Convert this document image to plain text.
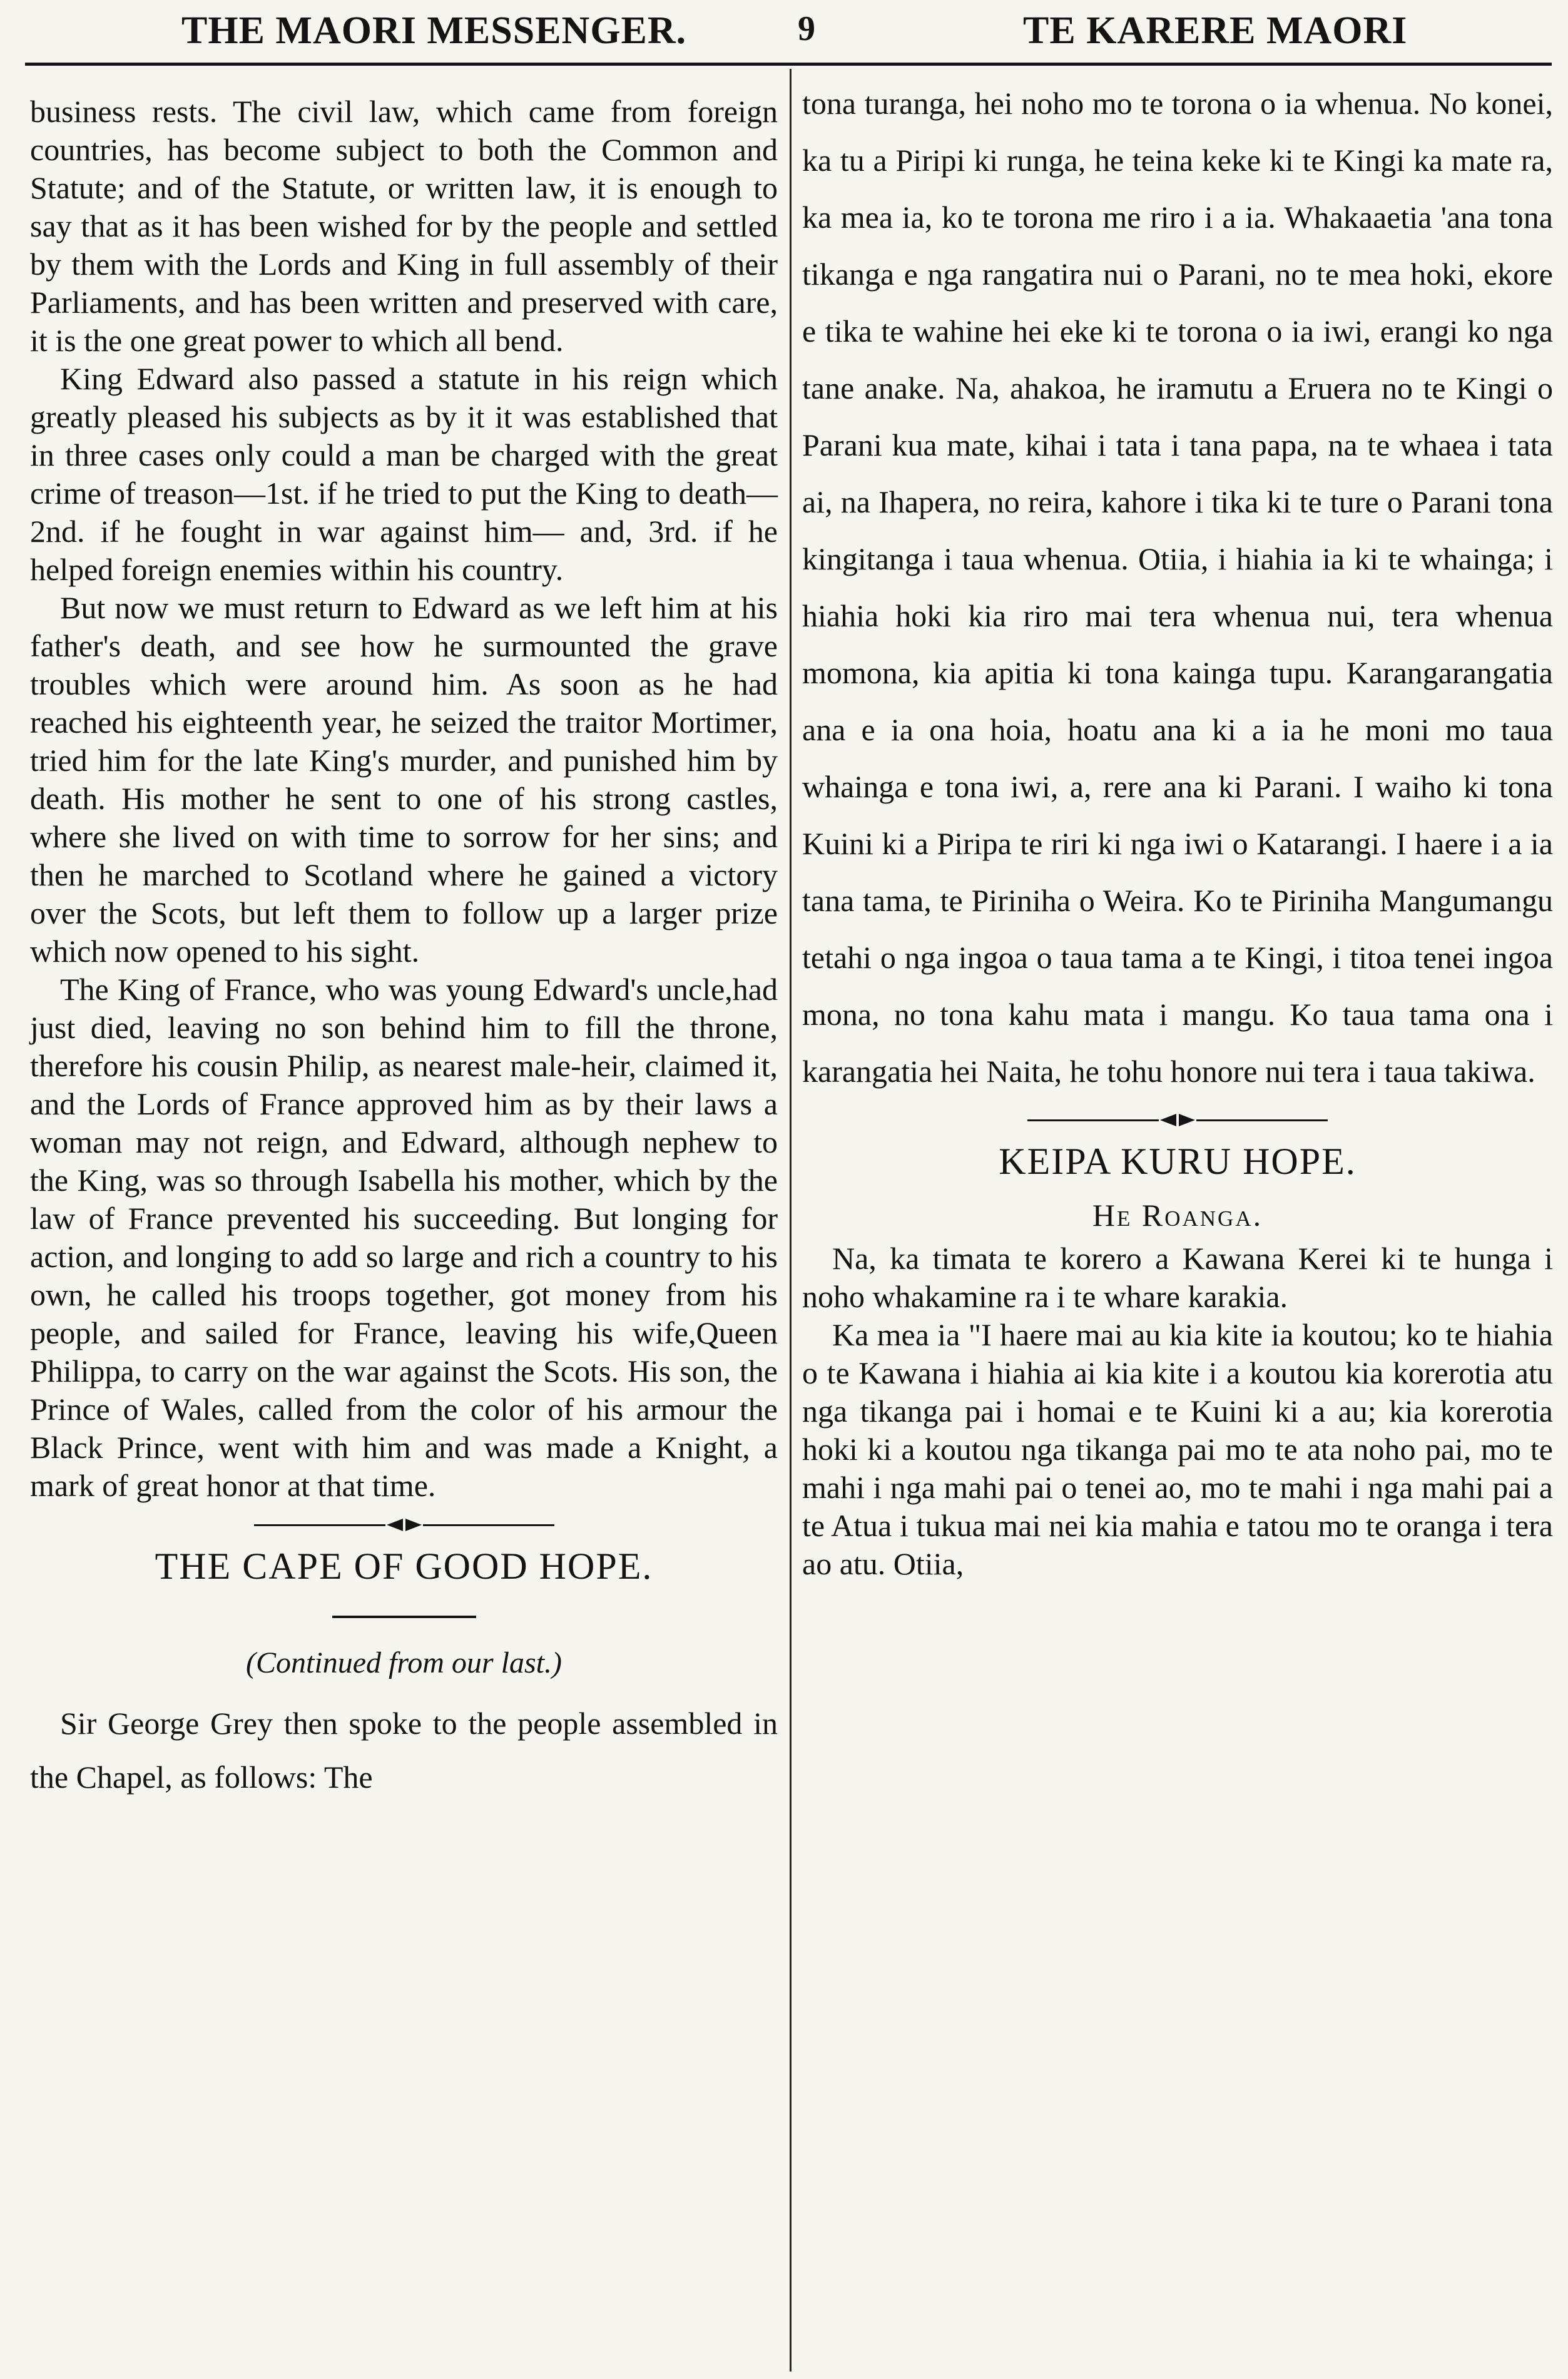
THE MAORI MESSENGER.	9	TE KARERE MAORI

business rests. The civil law, which came from foreign countries, has become subject to both the Common and Statute; and of the Statute, or written law, it is enough to say that as it has been wished for by the people and settled by them with the Lords and King in full assembly of their Parliaments, and has been written and preserved with care, it is the one great power to which all bend.

King Edward also passed a statute in his reign which greatly pleased his subjects as by it it was established that in three cases only could a man be charged with the great crime of treason—1st. if he tried to put the King to death—2nd. if he fought in war against him— and, 3rd. if he helped foreign enemies within his country.

But now we must return to Edward as we left him at his father's death, and see how he surmounted the grave troubles which were around him. As soon as he had reached his eighteenth year, he seized the traitor Mortimer, tried him for the late King's murder, and punished him by death. His mother he sent to one of his strong castles, where she lived on with time to sorrow for her sins; and then he marched to Scotland where he gained a victory over the Scots, but left them to follow up a larger prize which now opened to his sight.

The King of France, who was young Edward's uncle,had just died, leaving no son behind him to fill the throne, therefore his cousin Philip, as nearest male-heir, claimed it, and the Lords of France approved him as by their laws a woman may not reign, and Edward, although nephew to the King, was so through Isabella his mother, which by the law of France prevented his succeeding. But longing for action, and longing to add so large and rich a country to his own, he called his troops together, got money from his people, and sailed for France, leaving his wife,Queen Philippa, to carry on the war against the Scots. His son, the Prince of Wales, called from the color of his armour the Black Prince, went with him and was made a Knight, a mark of great honor at that time.

THE CAPE OF GOOD HOPE.
(Continued from our last.)

Sir George Grey then spoke to the people assembled in the Chapel, as follows: The

tona turanga, hei noho mo te torona o ia whenua. No konei, ka tu a Piripi ki runga, he teina keke ki te Kingi ka mate ra, ka mea ia, ko te torona me riro i a ia. Whakaaetia 'ana tona tikanga e nga rangatira nui o Parani, no te mea hoki, ekore e tika te wahine hei eke ki te torona o ia iwi, erangi ko nga tane anake. Na, ahakoa, he iramutu a Eruera no te Kingi o Parani kua mate, kihai i tata i tana papa, na te whaea i tata ai, na Ihapera, no reira, kahore i tika ki te ture o Parani tona kingitanga i taua whenua. Otiia, i hiahia ia ki te whainga; i hiahia hoki kia riro mai tera whenua nui, tera whenua momona, kia apitia ki tona kainga tupu. Karangarangatia ana e ia ona hoia, hoatu ana ki a ia he moni mo taua whainga e tona iwi, a, rere ana ki Parani. I waiho ki tona Kuini ki a Piripa te riri ki nga iwi o Katarangi. I haere i a ia tana tama, te Piriniha o Weira. Ko te Piriniha Mangumangu tetahi o nga ingoa o taua tama a te Kingi, i titoa tenei ingoa mona, no tona kahu mata i mangu. Ko taua tama ona i karangatia hei Naita, he tohu honore nui tera i taua takiwa.

KEIPA KURU HOPE.
He Roanga.

Na, ka timata te korero a Kawana Kerei ki te hunga i noho whakamine ra i te whare karakia.

Ka mea ia "I haere mai au kia kite ia koutou; ko te hiahia o te Kawana i hiahia ai kia kite i a koutou kia korerotia atu nga tikanga pai i homai e te Kuini ki a au; kia korerotia hoki ki a koutou nga tikanga pai mo te ata noho pai, mo te mahi i nga mahi pai o tenei ao, mo te mahi i nga mahi pai a te Atua i tukua mai nei kia mahia e tatou mo te oranga i tera ao atu. Otiia,
